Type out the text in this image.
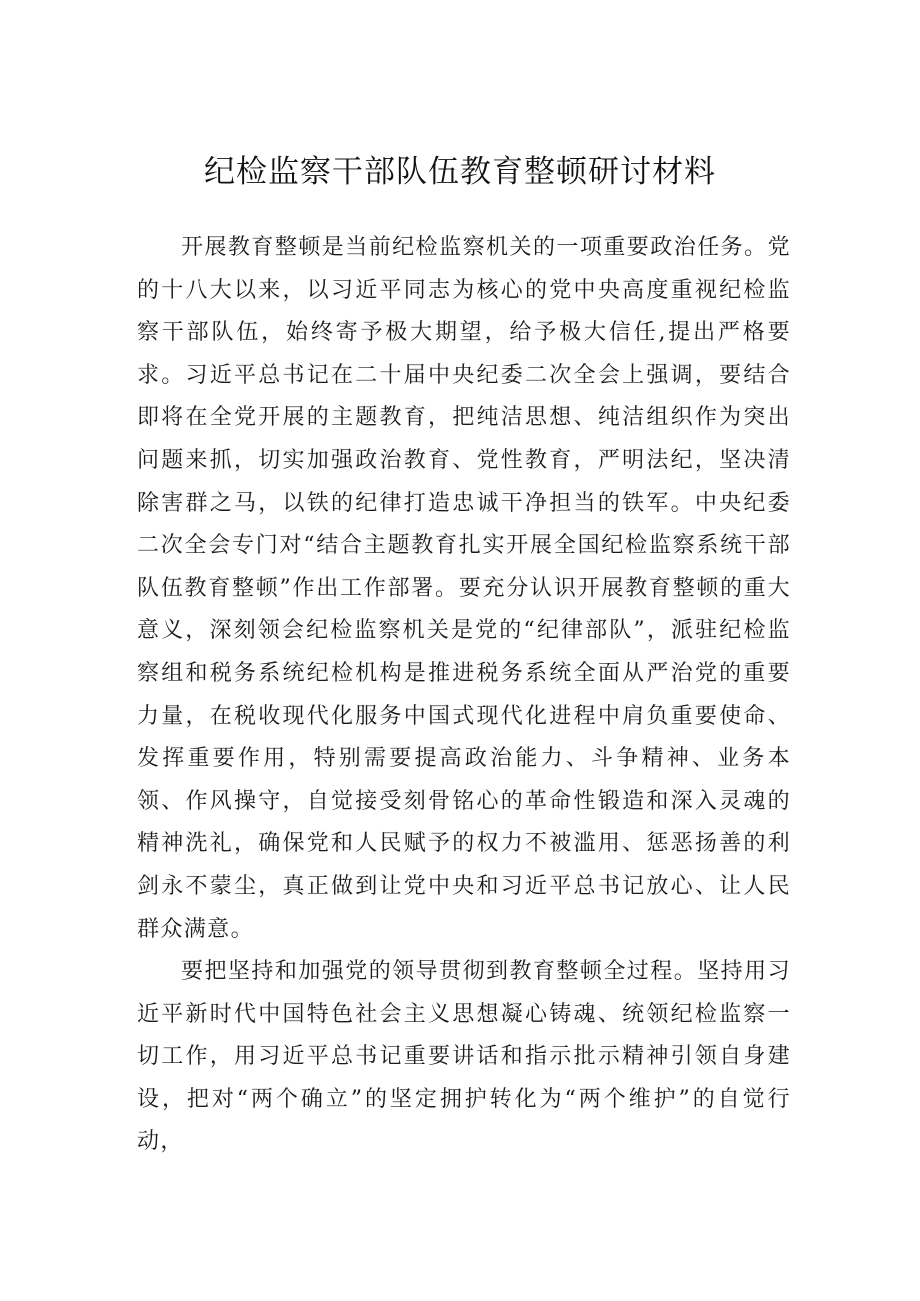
纪检监察干部队伍教育整顿研讨材料

开展教育整顿是当前纪检监察机关的一项重要政治任务。党的十八大以来，以习近平同志为核心的党中央高度重视纪检监察干部队伍，始终寄予极大期望，给予极大信任,提出严格要求。习近平总书记在二十届中央纪委二次全会上强调，要结合即将在全党开展的主题教育，把纯洁思想、纯洁组织作为突出问题来抓，切实加强政治教育、党性教育，严明法纪，坚决清除害群之马，以铁的纪律打造忠诚干净担当的铁军。中央纪委二次全会专门对“结合主题教育扎实开展全国纪检监察系统干部队伍教育整顿”作出工作部署。要充分认识开展教育整顿的重大意义，深刻领会纪检监察机关是党的“纪律部队”，派驻纪检监察组和税务系统纪检机构是推进税务系统全面从严治党的重要力量，在税收现代化服务中国式现代化进程中肩负重要使命、发挥重要作用，特别需要提高政治能力、斗争精神、业务本领、作风操守，自觉接受刻骨铭心的革命性锻造和深入灵魂的精神洗礼，确保党和人民赋予的权力不被滥用、惩恶扬善的利剑永不蒙尘，真正做到让党中央和习近平总书记放心、让人民群众满意。

要把坚持和加强党的领导贯彻到教育整顿全过程。坚持用习近平新时代中国特色社会主义思想凝心铸魂、统领纪检监察一切工作，用习近平总书记重要讲话和指示批示精神引领自身建设，把对“两个确立”的坚定拥护转化为“两个维护”的自觉行动，
